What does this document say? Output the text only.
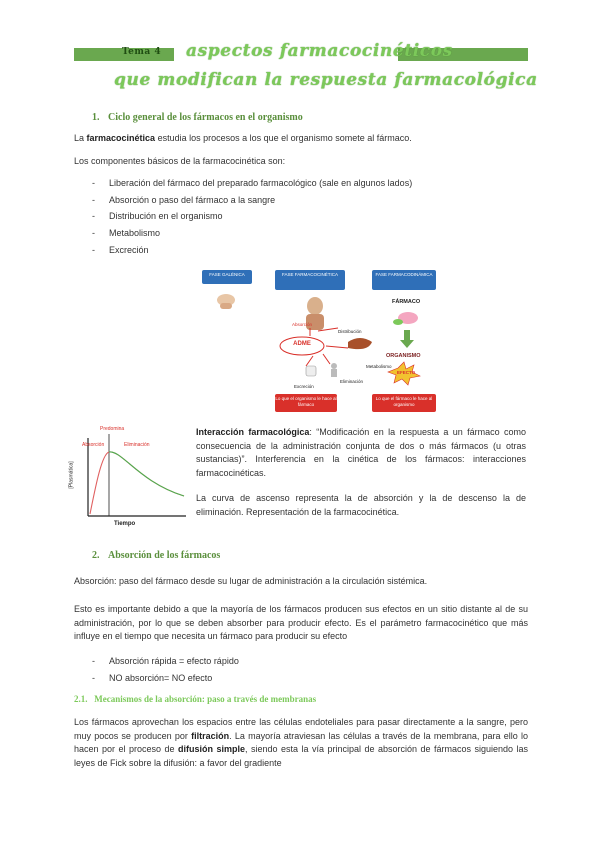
Tema 4 aspectos farmacocinéticos
que modifican la respuesta farmacológica
1. Ciclo general de los fármacos en el organismo
La farmacocinética estudia los procesos a los que el organismo somete al fármaco.
Los componentes básicos de la farmacocinética son:
- Liberación del fármaco del preparado farmacológico (sale en algunos lados)
- Absorción o paso del fármaco a la sangre
- Distribución en el organismo
- Metabolismo
- Excreción
FASE GALÉNICA	FASE FARMACOCINÉTICA	FASE FARMACODINÁMICA
ADME
Absorción
Distribución
Metabolismo
Eliminación
Excreción
Lo que el organismo le hace al fármaco
FÁRMACO
ORGANISMO
EFECTO
Lo que el fármaco le hace al organismo
Predomina
Absorción	Eliminación
[Plasmática]
Tiempo
Interacción farmacológica: “Modificación en la respuesta a un fármaco como consecuencia de la administración conjunta de dos o más fármacos (u otras sustancias)”. Interferencia en la cinética de los fármacos: interacciones farmacocinéticas.
La curva de ascenso representa la de absorción y la de descenso la de eliminación. Representación de la farmacocinética.
2. Absorción de los fármacos
Absorción: paso del fármaco desde su lugar de administración a la circulación sistémica.
Esto es importante debido a que la mayoría de los fármacos producen sus efectos en un sitio distante al de su administración, por lo que se deben absorber para producir efecto. Es el parámetro farmacocinético que más influye en el tiempo que necesita un fármaco para producir su efecto
- Absorción rápida = efecto rápido
- NO absorción= NO efecto
2.1. Mecanismos de la absorción: paso a través de membranas
Los fármacos aprovechan los espacios entre las células endoteliales para pasar directamente a la sangre, pero muy pocos se producen por filtración. La mayoría atraviesan las células a través de la membrana, para ello lo hacen por el proceso de difusión simple, siendo esta la vía principal de absorción de fármacos siguiendo las leyes de Fick sobre la difusión: a favor del gradiente
